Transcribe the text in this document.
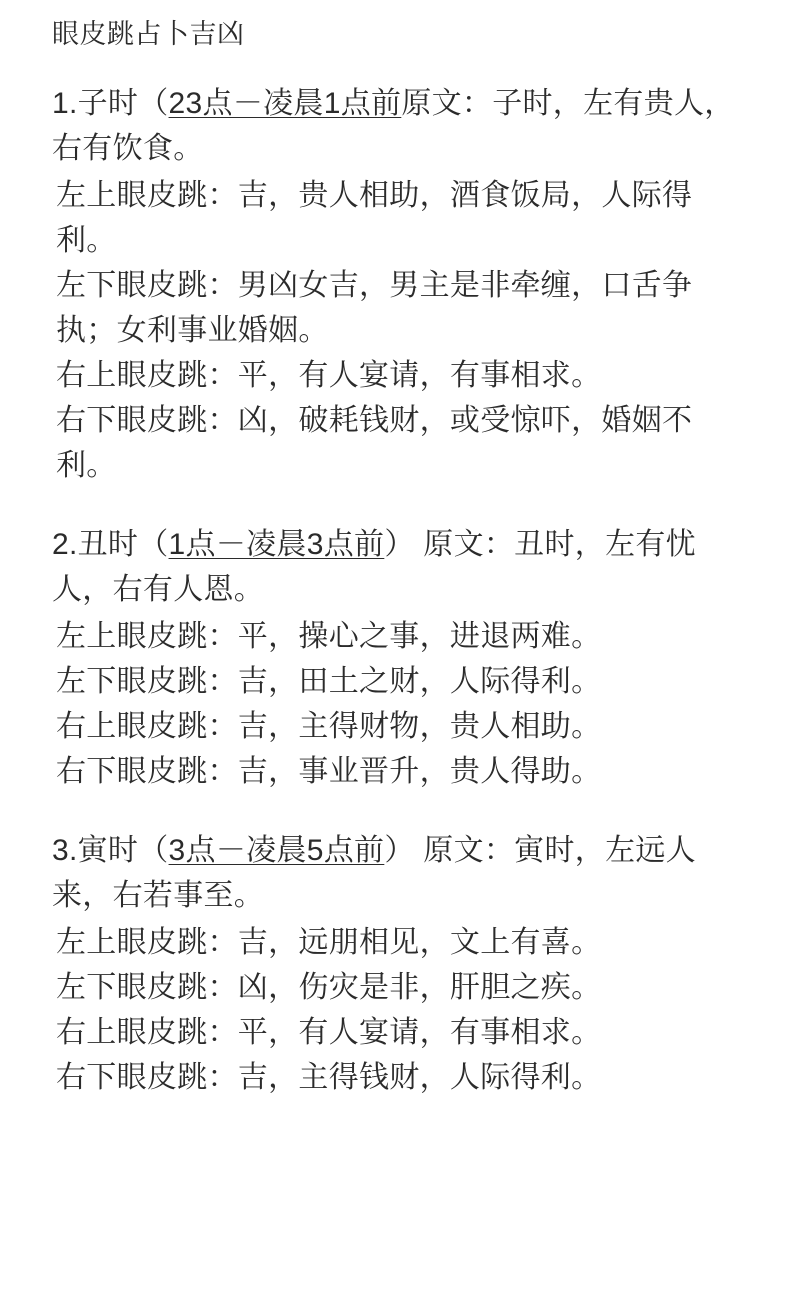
眼皮跳占卜吉凶

1.子时（23点－凌晨1点前原文：子时，左有贵人，右有饮食。

左上眼皮跳：吉，贵人相助，酒食饭局，人际得利。

左下眼皮跳：男凶女吉，男主是非牵缠，口舌争执；女利事业婚姻。

右上眼皮跳：平，有人宴请，有事相求。

右下眼皮跳：凶，破耗钱财，或受惊吓，婚姻不利。

2.丑时（1点－凌晨3点前） 原文：丑时，左有忧人，右有人恩。

左上眼皮跳：平，操心之事，进退两难。

左下眼皮跳：吉，田土之财，人际得利。

右上眼皮跳：吉，主得财物，贵人相助。

右下眼皮跳：吉，事业晋升，贵人得助。

3.寅时（3点－凌晨5点前） 原文：寅时，左远人来，右若事至。

左上眼皮跳：吉，远朋相见，文上有喜。

左下眼皮跳：凶，伤灾是非，肝胆之疾。

右上眼皮跳：平，有人宴请，有事相求。

右下眼皮跳：吉，主得钱财，人际得利。
